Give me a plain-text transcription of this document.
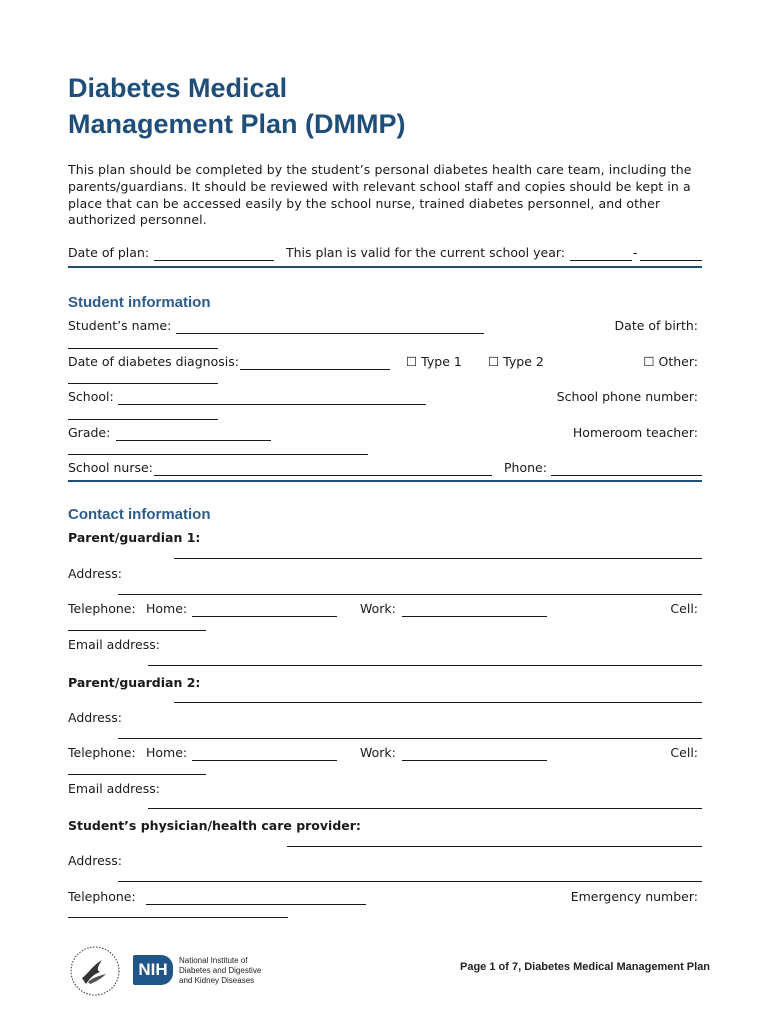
Diabetes Medical
Management Plan (DMMP)

This plan should be completed by the student’s personal diabetes health care team, including the parents/guardians. It should be reviewed with relevant school staff and copies should be kept in a place that can be accessed easily by the school nurse, trained diabetes personnel, and other authorized personnel.

Date of plan:	This plan is valid for the current school year:	-
Student information
Student’s name:	Date of birth:
Date of diabetes diagnosis:	☐ Type 1 ☐ Type 2	☐ Other:
School:	School phone number:
Grade:	Homeroom teacher:
School nurse:	Phone:
Contact information
Parent/guardian 1:
Address:
Telephone: Home:	Work:	Cell:
Email address:
Parent/guardian 2:
Address:
Telephone: Home:	Work:	Cell:
Email address:
Student’s physician/health care provider:
Address:
Telephone:	Emergency number:
NIH	National Institute of
Diabetes and Digestive
and Kidney Diseases
Page 1 of 7, Diabetes Medical Management Plan
